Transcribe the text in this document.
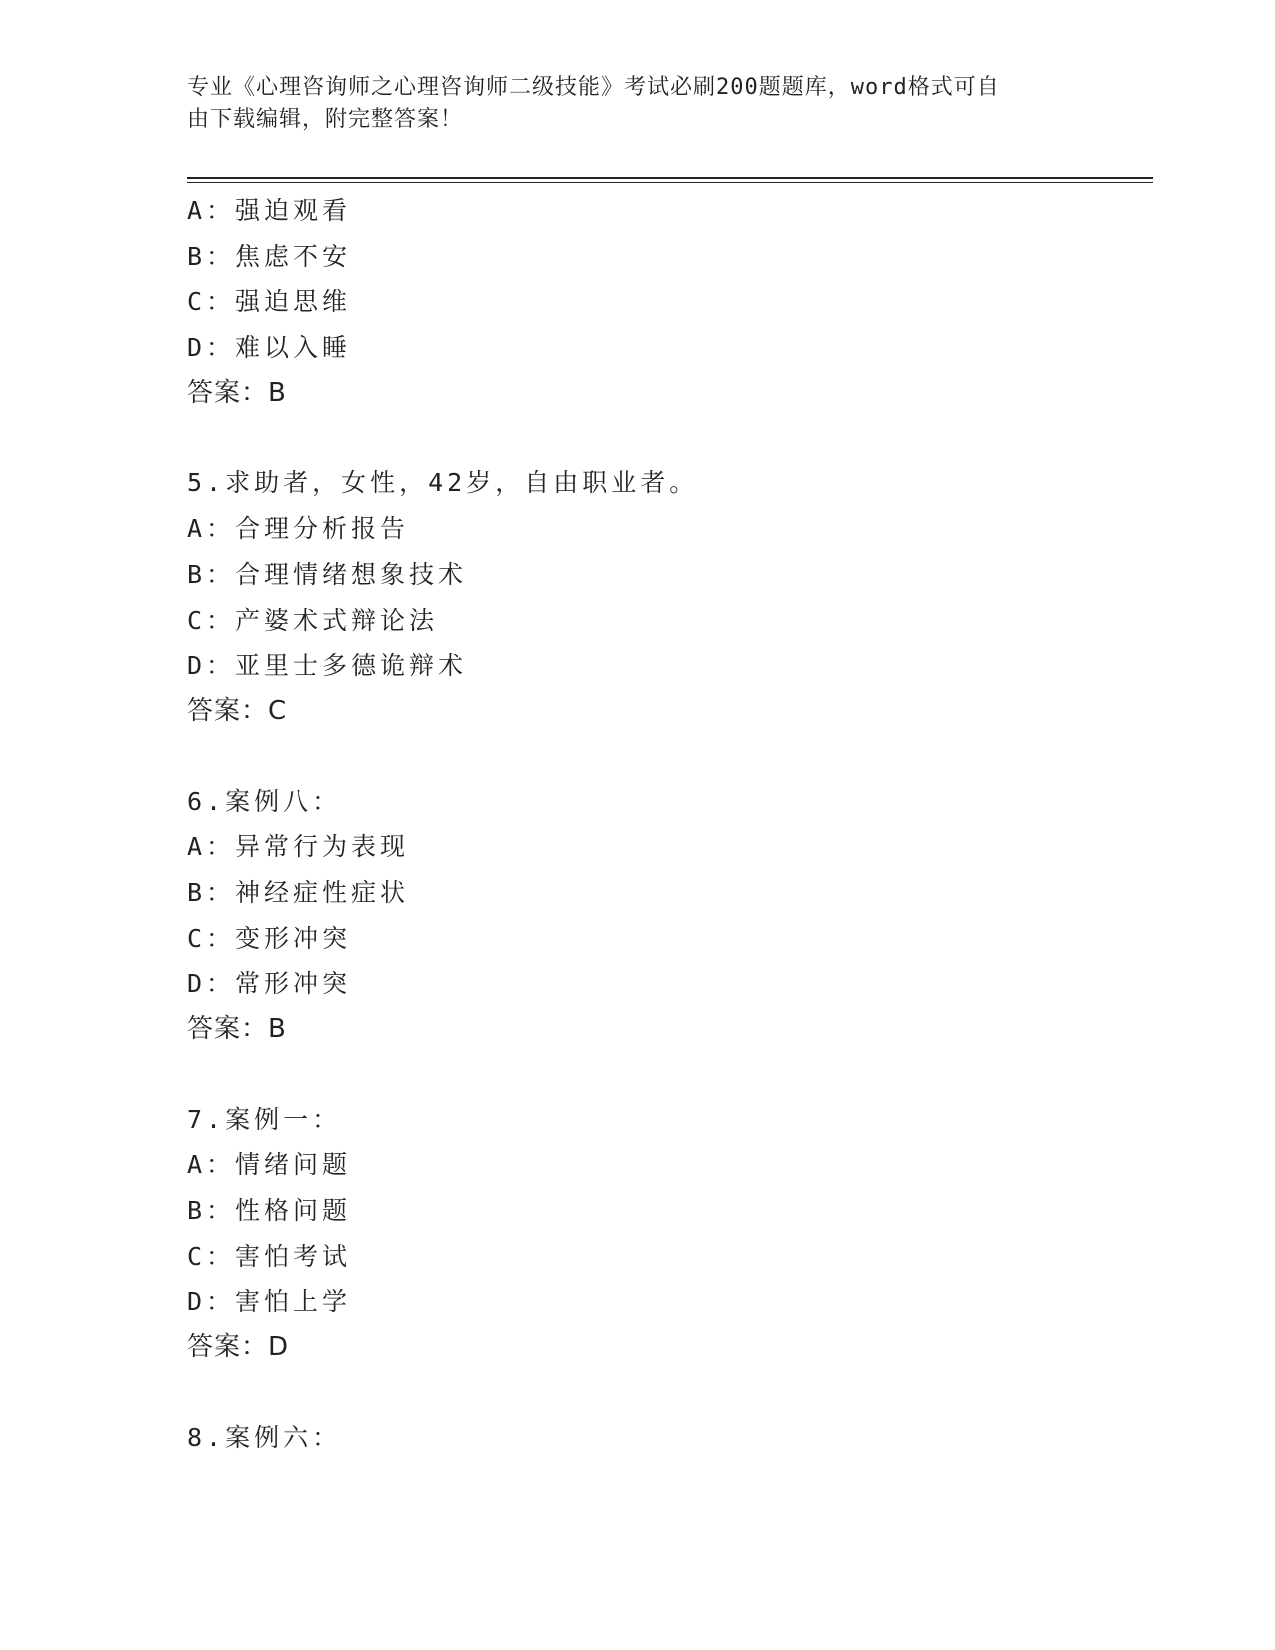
专业《心理咨询师之心理咨询师二级技能》考试必刷200题题库，word格式可自
由下载编辑，附完整答案！
A：强迫观看
B：焦虑不安
C：强迫思维
D：难以入睡
答案：B
5.求助者，女性，42岁，自由职业者。
A：合理分析报告
B：合理情绪想象技术
C：产婆术式辩论法
D：亚里士多德诡辩术
答案：C
6.案例八：
A：异常行为表现
B：神经症性症状
C：变形冲突
D：常形冲突
答案：B
7.案例一：
A：情绪问题
B：性格问题
C：害怕考试
D：害怕上学
答案：D
8.案例六：
